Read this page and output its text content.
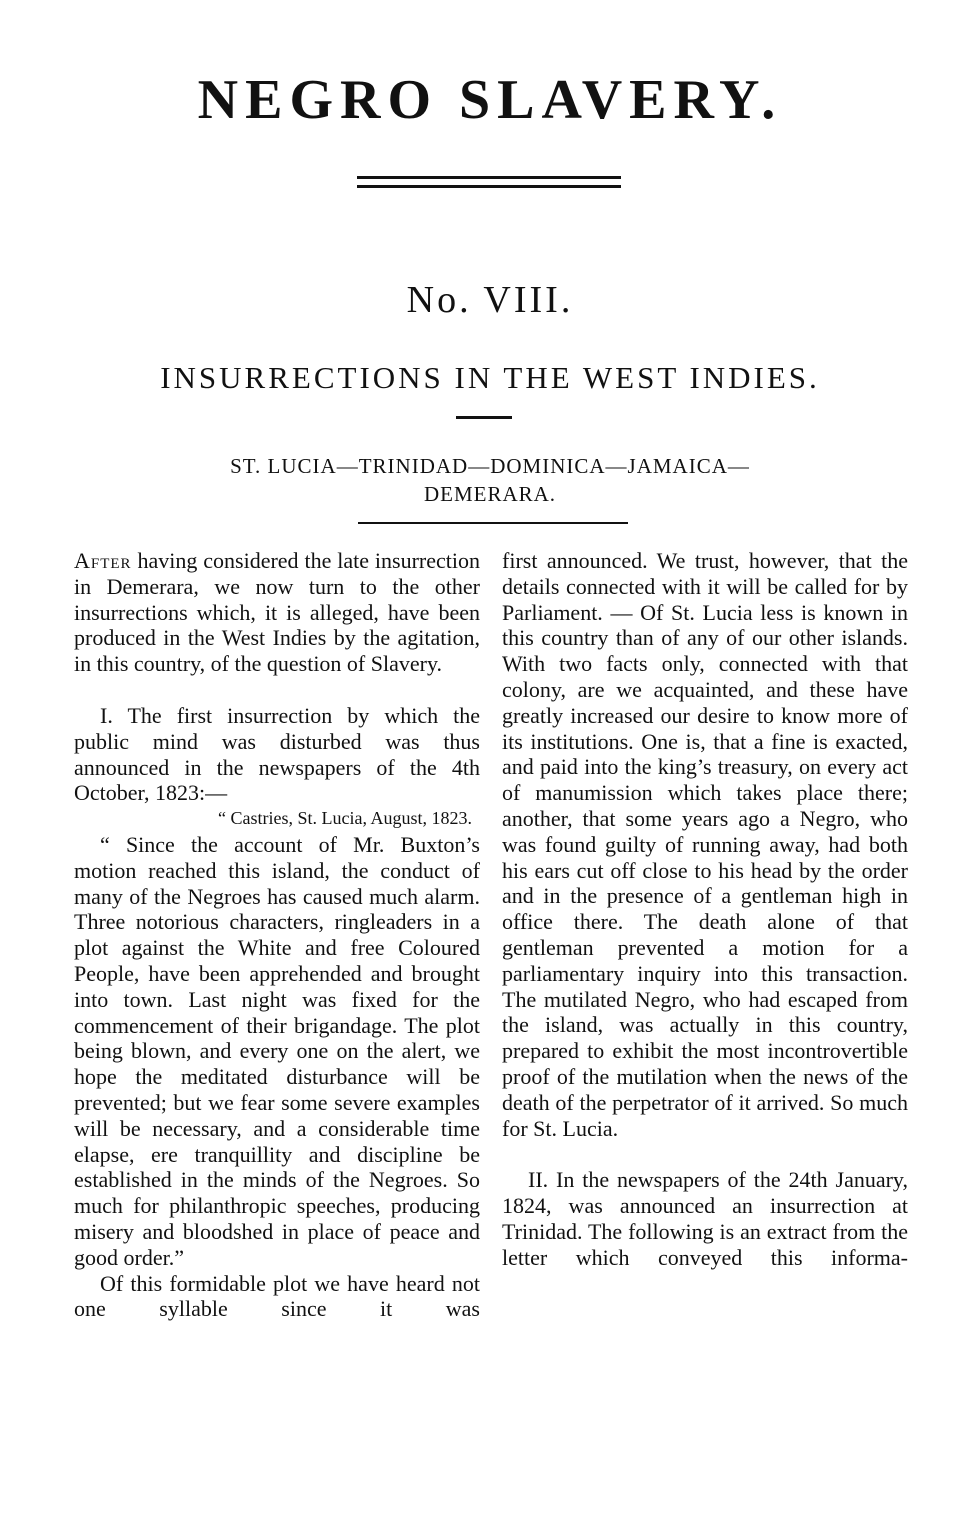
NEGRO SLAVERY.
No. VIII.
INSURRECTIONS IN THE WEST INDIES.
ST. LUCIA—TRINIDAD—DOMINICA—JAMAICA—
DEMERARA.

After having considered the late insurrection in Demerara, we now turn to the other insurrections which, it is alleged, have been produced in the West Indies by the agitation, in this country, of the question of Slavery.

I. The first insurrection by which the public mind was disturbed was thus announced in the newspapers of the 4th October, 1823:—

“ Castries, St. Lucia, August, 1823.

“ Since the account of Mr. Buxton’s motion reached this island, the conduct of many of the Negroes has caused much alarm. Three notorious characters, ringleaders in a plot against the White and free Coloured People, have been apprehended and brought into town. Last night was fixed for the commencement of their brigandage. The plot being blown, and every one on the alert, we hope the meditated disturbance will be prevented; but we fear some severe examples will be necessary, and a considerable time elapse, ere tranquillity and discipline be established in the minds of the Negroes. So much for philanthropic speeches, producing misery and bloodshed in place of peace and good order.”

Of this formidable plot we have heard not one syllable since it was

first announced. We trust, however, that the details connected with it will be called for by Parliament. — Of St. Lucia less is known in this country than of any of our other islands. With two facts only, connected with that colony, are we acquainted, and these have greatly increased our desire to know more of its institutions. One is, that a fine is exacted, and paid into the king’s treasury, on every act of manumission which takes place there; another, that some years ago a Negro, who was found guilty of running away, had both his ears cut off close to his head by the order and in the presence of a gentleman high in office there. The death alone of that gentleman prevented a motion for a parliamentary inquiry into this transaction. The mutilated Negro, who had escaped from the island, was actually in this country, prepared to exhibit the most incontrovertible proof of the mutilation when the news of the death of the perpetrator of it arrived. So much for St. Lucia.

II. In the newspapers of the 24th January, 1824, was announced an insurrection at Trinidad. The following is an extract from the letter which conveyed this informa-
